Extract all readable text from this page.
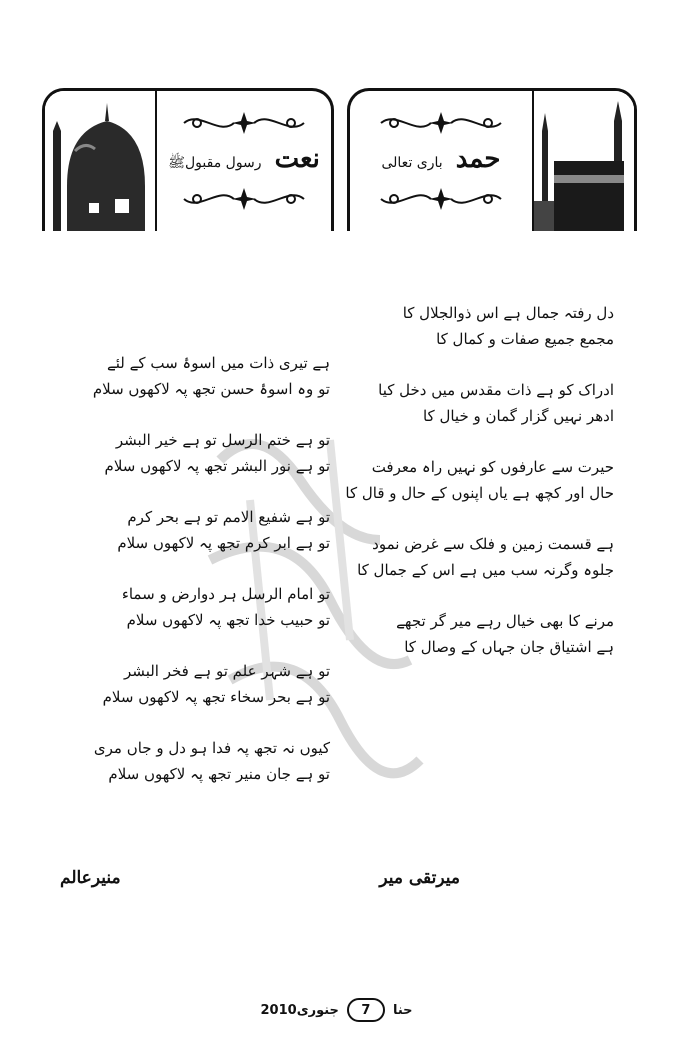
نعت رسول مقبولﷺ	حمد باری تعالی
دل رفتہ جمال ہے اس ذوالجلال کا
مجمع جمیع صفات و کمال کا
ادراک کو ہے ذات مقدس میں دخل کیا
ادھر نہیں گزار گمان و خیال کا
حیرت سے عارفوں کو نہیں راہ معرفت
حال اور کچھ ہے یاں اپنوں کے حال و قال کا
ہے قسمت زمین و فلک سے غرض نمود
جلوہ وگرنہ سب میں ہے اس کے جمال کا
مرنے کا بھی خیال رہے میر گر تجھے
ہے اشتیاق جان جہاں کے وصال کا
ہے تیری ذات میں اسوۂ سب کے لئے
تو وہ اسوۂ حسن تجھ پہ لاکھوں سلام
تو ہے ختم الرسل تو ہے خیر البشر
تو ہے نور البشر تجھ پہ لاکھوں سلام
تو ہے شفیع الامم تو ہے بحر کرم
تو ہے ابر کرم تجھ پہ لاکھوں سلام
تو امام الرسل ہر دوارض و سماء
تو حبیب خدا تجھ پہ لاکھوں سلام
تو ہے شہر علم تو ہے فخر البشر
تو ہے بحر سخاء تجھ پہ لاکھوں سلام
کیوں نہ تجھ پہ فدا ہو دل و جاں مری
تو ہے جان منیر تجھ پہ لاکھوں سلام
میرتقی میر
منیرعالم
حنا
7
جنوری2010
